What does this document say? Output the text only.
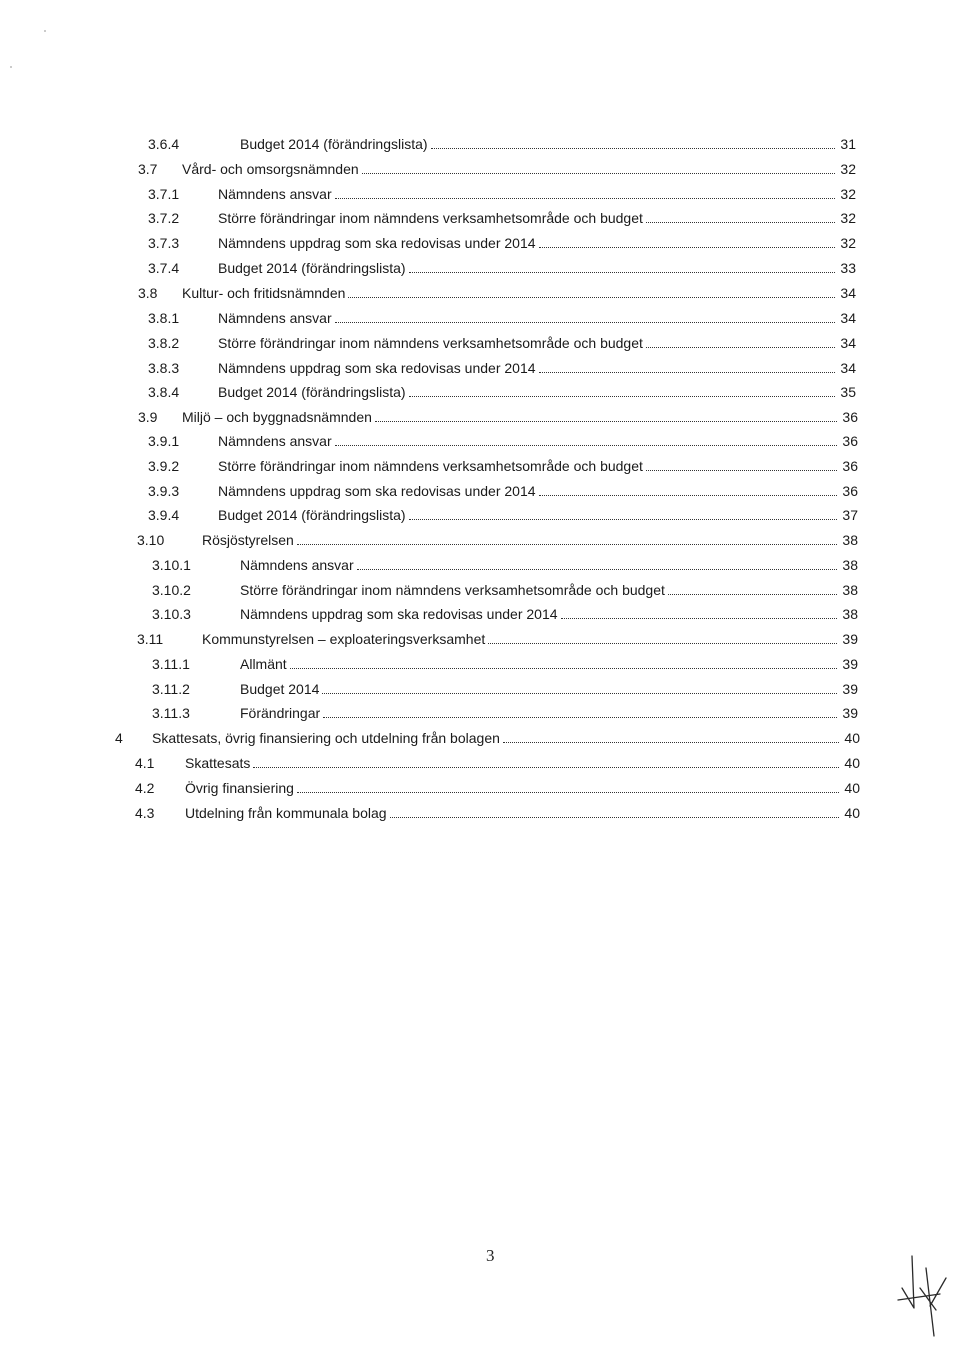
3.6.4	Budget 2014 (förändringslista)	31
3.7 Vård- och omsorgsnämnden	32
3.7.1	Nämndens ansvar	32
3.7.2	Större förändringar inom nämndens verksamhetsområde och budget	32
3.7.3	Nämndens uppdrag som ska redovisas under 2014	32
3.7.4	Budget 2014 (förändringslista)	33
3.8 Kultur- och fritidsnämnden	34
3.8.1	Nämndens ansvar	34
3.8.2	Större förändringar inom nämndens verksamhetsområde och budget	34
3.8.3	Nämndens uppdrag som ska redovisas under 2014	34
3.8.4	Budget 2014 (förändringslista)	35
3.9 Miljö – och byggnadsnämnden	36
3.9.1	Nämndens ansvar	36
3.9.2	Större förändringar inom nämndens verksamhetsområde och budget	36
3.9.3	Nämndens uppdrag som ska redovisas under 2014	36
3.9.4	Budget 2014 (förändringslista)	37
3.10	Rösjöstyrelsen	38
3.10.1	Nämndens ansvar	38
3.10.2	Större förändringar inom nämndens verksamhetsområde och budget	38
3.10.3	Nämndens uppdrag som ska redovisas under 2014	38
3.11	Kommunstyrelsen – exploateringsverksamhet	39
3.11.1	Allmänt	39
3.11.2	Budget 2014	39
3.11.3	Förändringar	39
4 Skattesats, övrig finansiering och utdelning från bolagen	40
4.1 Skattesats	40
4.2 Övrig finansiering	40
4.3 Utdelning från kommunala bolag	40
3
